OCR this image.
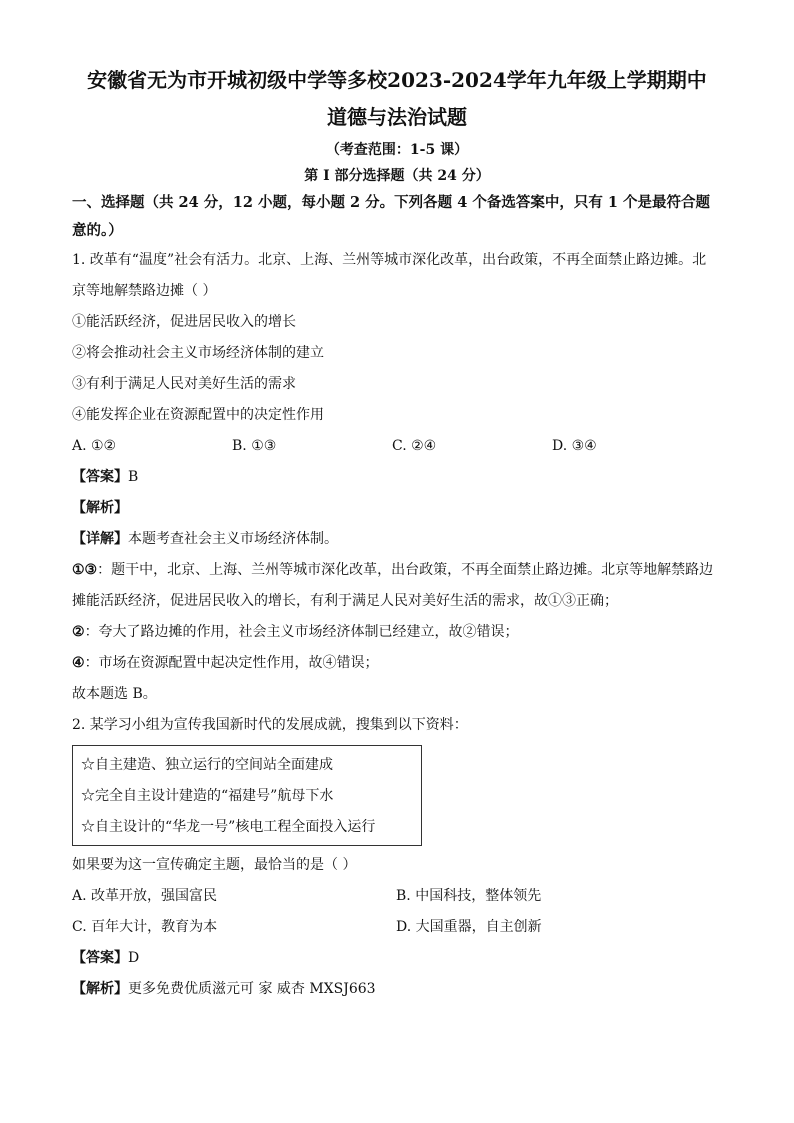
安徽省无为市开城初级中学等多校2023-2024学年九年级上学期期中
道德与法治试题
（考查范围：1-5 课）
第 I 部分选择题（共 24 分）
一、选择题（共 24 分，12 小题，每小题 2 分。下列各题 4 个备选答案中，只有 1 个是最符合题意的。）

1. 改革有“温度”社会有活力。北京、上海、兰州等城市深化改革，出台政策，不再全面禁止路边摊。北

京等地解禁路边摊（ ）

①能活跃经济，促进居民收入的增长

②将会推动社会主义市场经济体制的建立

③有利于满足人民对美好生活的需求

④能发挥企业在资源配置中的决定性作用

A. ①②	B. ①③	C. ②④	D. ③④

【答案】B

【解析】

【详解】本题考查社会主义市场经济体制。

①③：题干中，北京、上海、兰州等城市深化改革，出台政策，不再全面禁止路边摊。北京等地解禁路边

摊能活跃经济，促进居民收入的增长，有利于满足人民对美好生活的需求，故①③正确；

②：夸大了路边摊的作用，社会主义市场经济体制已经建立，故②错误；

④：市场在资源配置中起决定性作用，故④错误；

故本题选 B。

2. 某学习小组为宣传我国新时代的发展成就，搜集到以下资料：

☆自主建造、独立运行的空间站全面建成
☆完全自主设计建造的“福建号”航母下水
☆自主设计的“华龙一号”核电工程全面投入运行

如果要为这一宣传确定主题，最恰当的是（ ）

A. 改革开放，强国富民	B. 中国科技，整体领先
C. 百年大计，教育为本	D. 大国重器，自主创新

【答案】D

【解析】更多免费优质滋元可 家 威杏 MXSJ663
